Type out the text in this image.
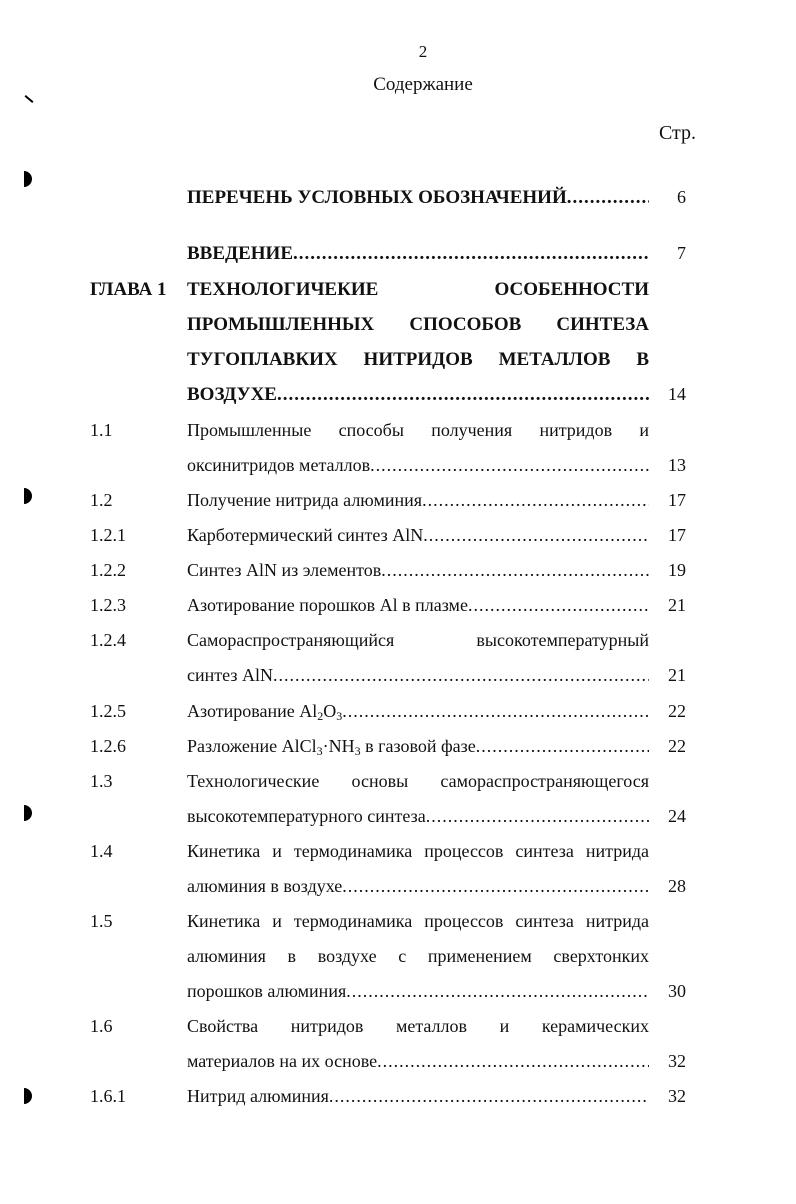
2
Содержание
Стр.
ПЕРЕЧЕНЬ УСЛОВНЫХ ОБОЗНАЧЕНИЙ .....	6
ВВЕДЕНИЕ .....	7
ГЛАВА 1 ТЕХНОЛОГИЧЕКИЕ ОСОБЕННОСТИ
ПРОМЫШЛЕННЫХ СПОСОБОВ СИНТЕЗА
ТУГОПЛАВКИХ НИТРИДОВ МЕТАЛЛОВ В
ВОЗДУХЕ .....	14
1.1	Промышленные способы получения нитридов и
оксинитридов металлов .....	13
1.2	Получение нитрида алюминия .....	17
1.2.1	Карботермический синтез AlN .....	17
1.2.2	Синтез AlN из элементов .....	19
1.2.3	Азотирование порошков Al в плазме .....	21
1.2.4	Самораспространяющийся высокотемпературный
синтез AlN .....	21
1.2.5	Азотирование $Al_2O_3$ .....	22
1.2.6	Разложение $AlCl_3\cdot NH_3$ в газовой фазе .....	22
1.3	Технологические основы самораспространяющегося
высокотемпературного синтеза .....	24
1.4	Кинетика и термодинамика процессов синтеза нитрида
алюминия в воздухе .....	28
1.5	Кинетика и термодинамика процессов синтеза нитрида
алюминия в воздухе с применением сверхтонких
порошков алюминия .....	30
1.6	Свойства нитридов металлов и керамических
материалов на их основе .....	32
1.6.1	Нитрид алюминия .....	32
